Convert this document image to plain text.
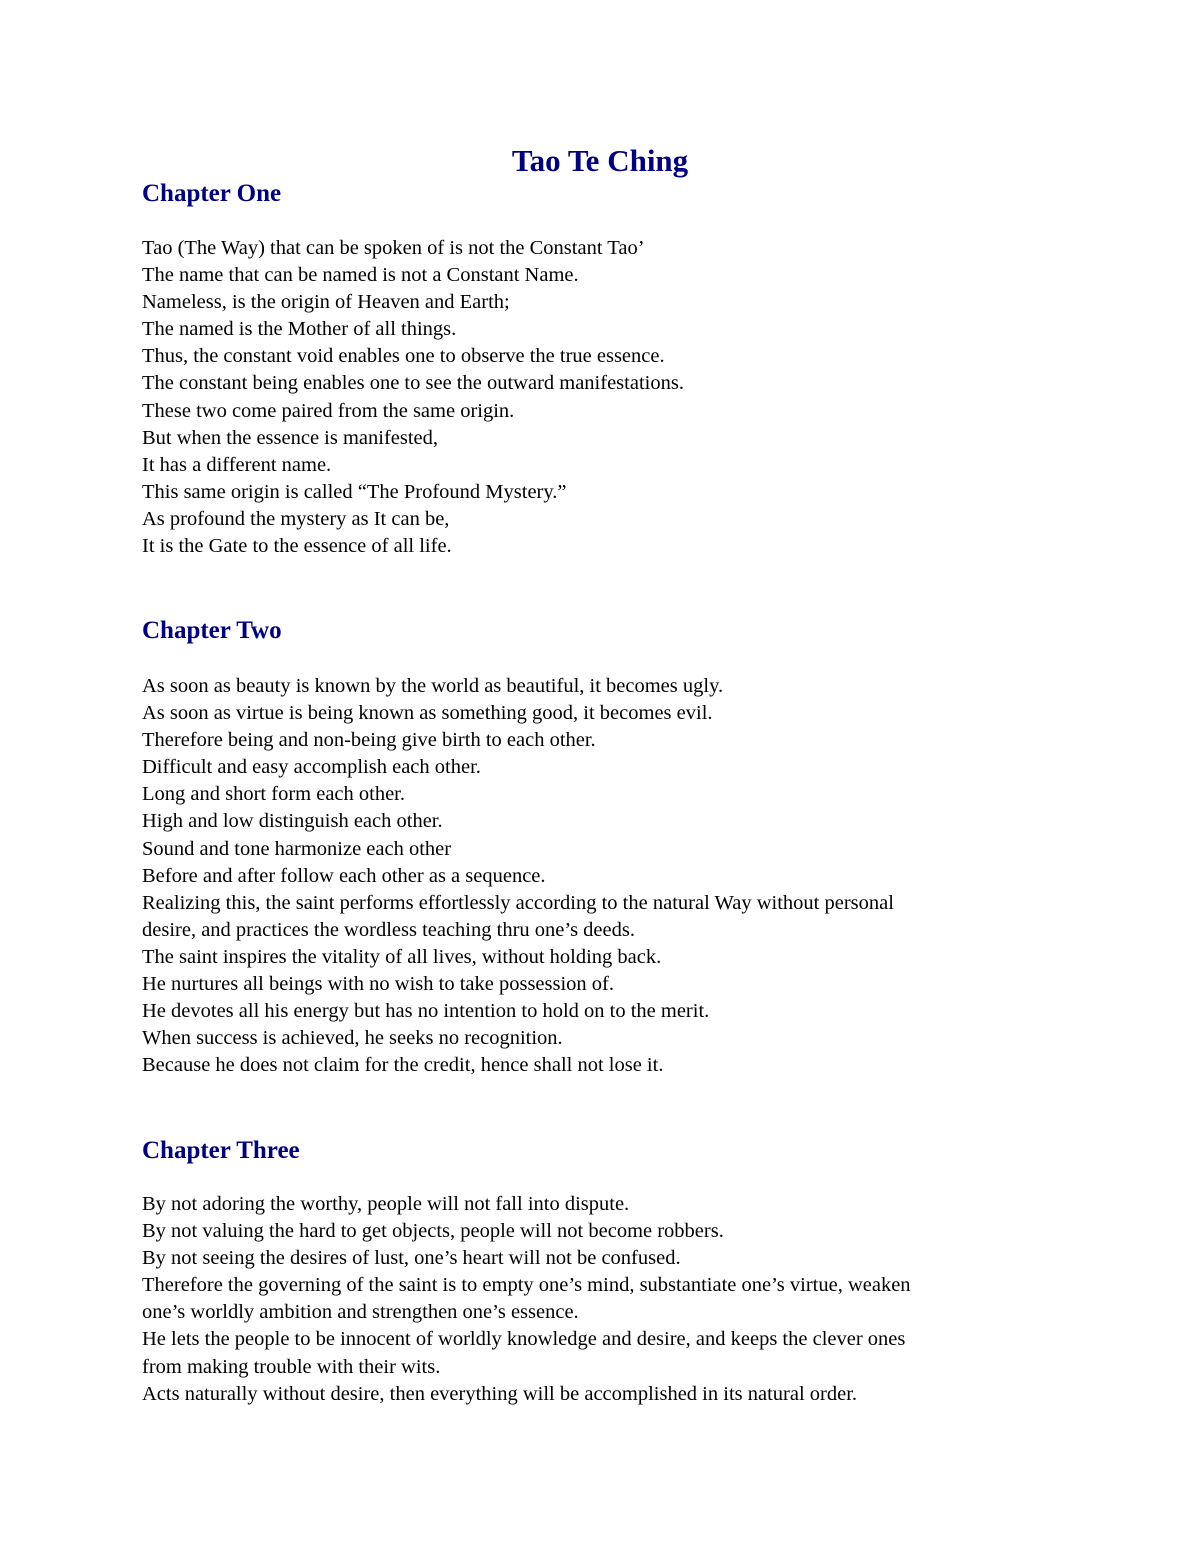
Tao Te Ching
Chapter One
Tao (The Way) that can be spoken of is not the Constant Tao’
The name that can be named is not a Constant Name.
Nameless, is the origin of Heaven and Earth;
The named is the Mother of all things.
Thus, the constant void enables one to observe the true essence.
The constant being enables one to see the outward manifestations.
These two come paired from the same origin.
But when the essence is manifested,
It has a different name.
This same origin is called “The Profound Mystery.”
As profound the mystery as It can be,
It is the Gate to the essence of all life.
Chapter Two
As soon as beauty is known by the world as beautiful, it becomes ugly.
As soon as virtue is being known as something good, it becomes evil.
Therefore being and non-being give birth to each other.
Difficult and easy accomplish each other.
Long and short form each other.
High and low distinguish each other.
Sound and tone harmonize each other
Before and after follow each other as a sequence.
Realizing this, the saint performs effortlessly according to the natural Way without personal
desire, and practices the wordless teaching thru one’s deeds.
The saint inspires the vitality of all lives, without holding back.
He nurtures all beings with no wish to take possession of.
He devotes all his energy but has no intention to hold on to the merit.
When success is achieved, he seeks no recognition.
Because he does not claim for the credit, hence shall not lose it.
Chapter Three
By not adoring the worthy, people will not fall into dispute.
By not valuing the hard to get objects, people will not become robbers.
By not seeing the desires of lust, one’s heart will not be confused.
Therefore the governing of the saint is to empty one’s mind, substantiate one’s virtue, weaken
one’s worldly ambition and strengthen one’s essence.
He lets the people to be innocent of worldly knowledge and desire, and keeps the clever ones
from making trouble with their wits.
Acts naturally without desire, then everything will be accomplished in its natural order.
